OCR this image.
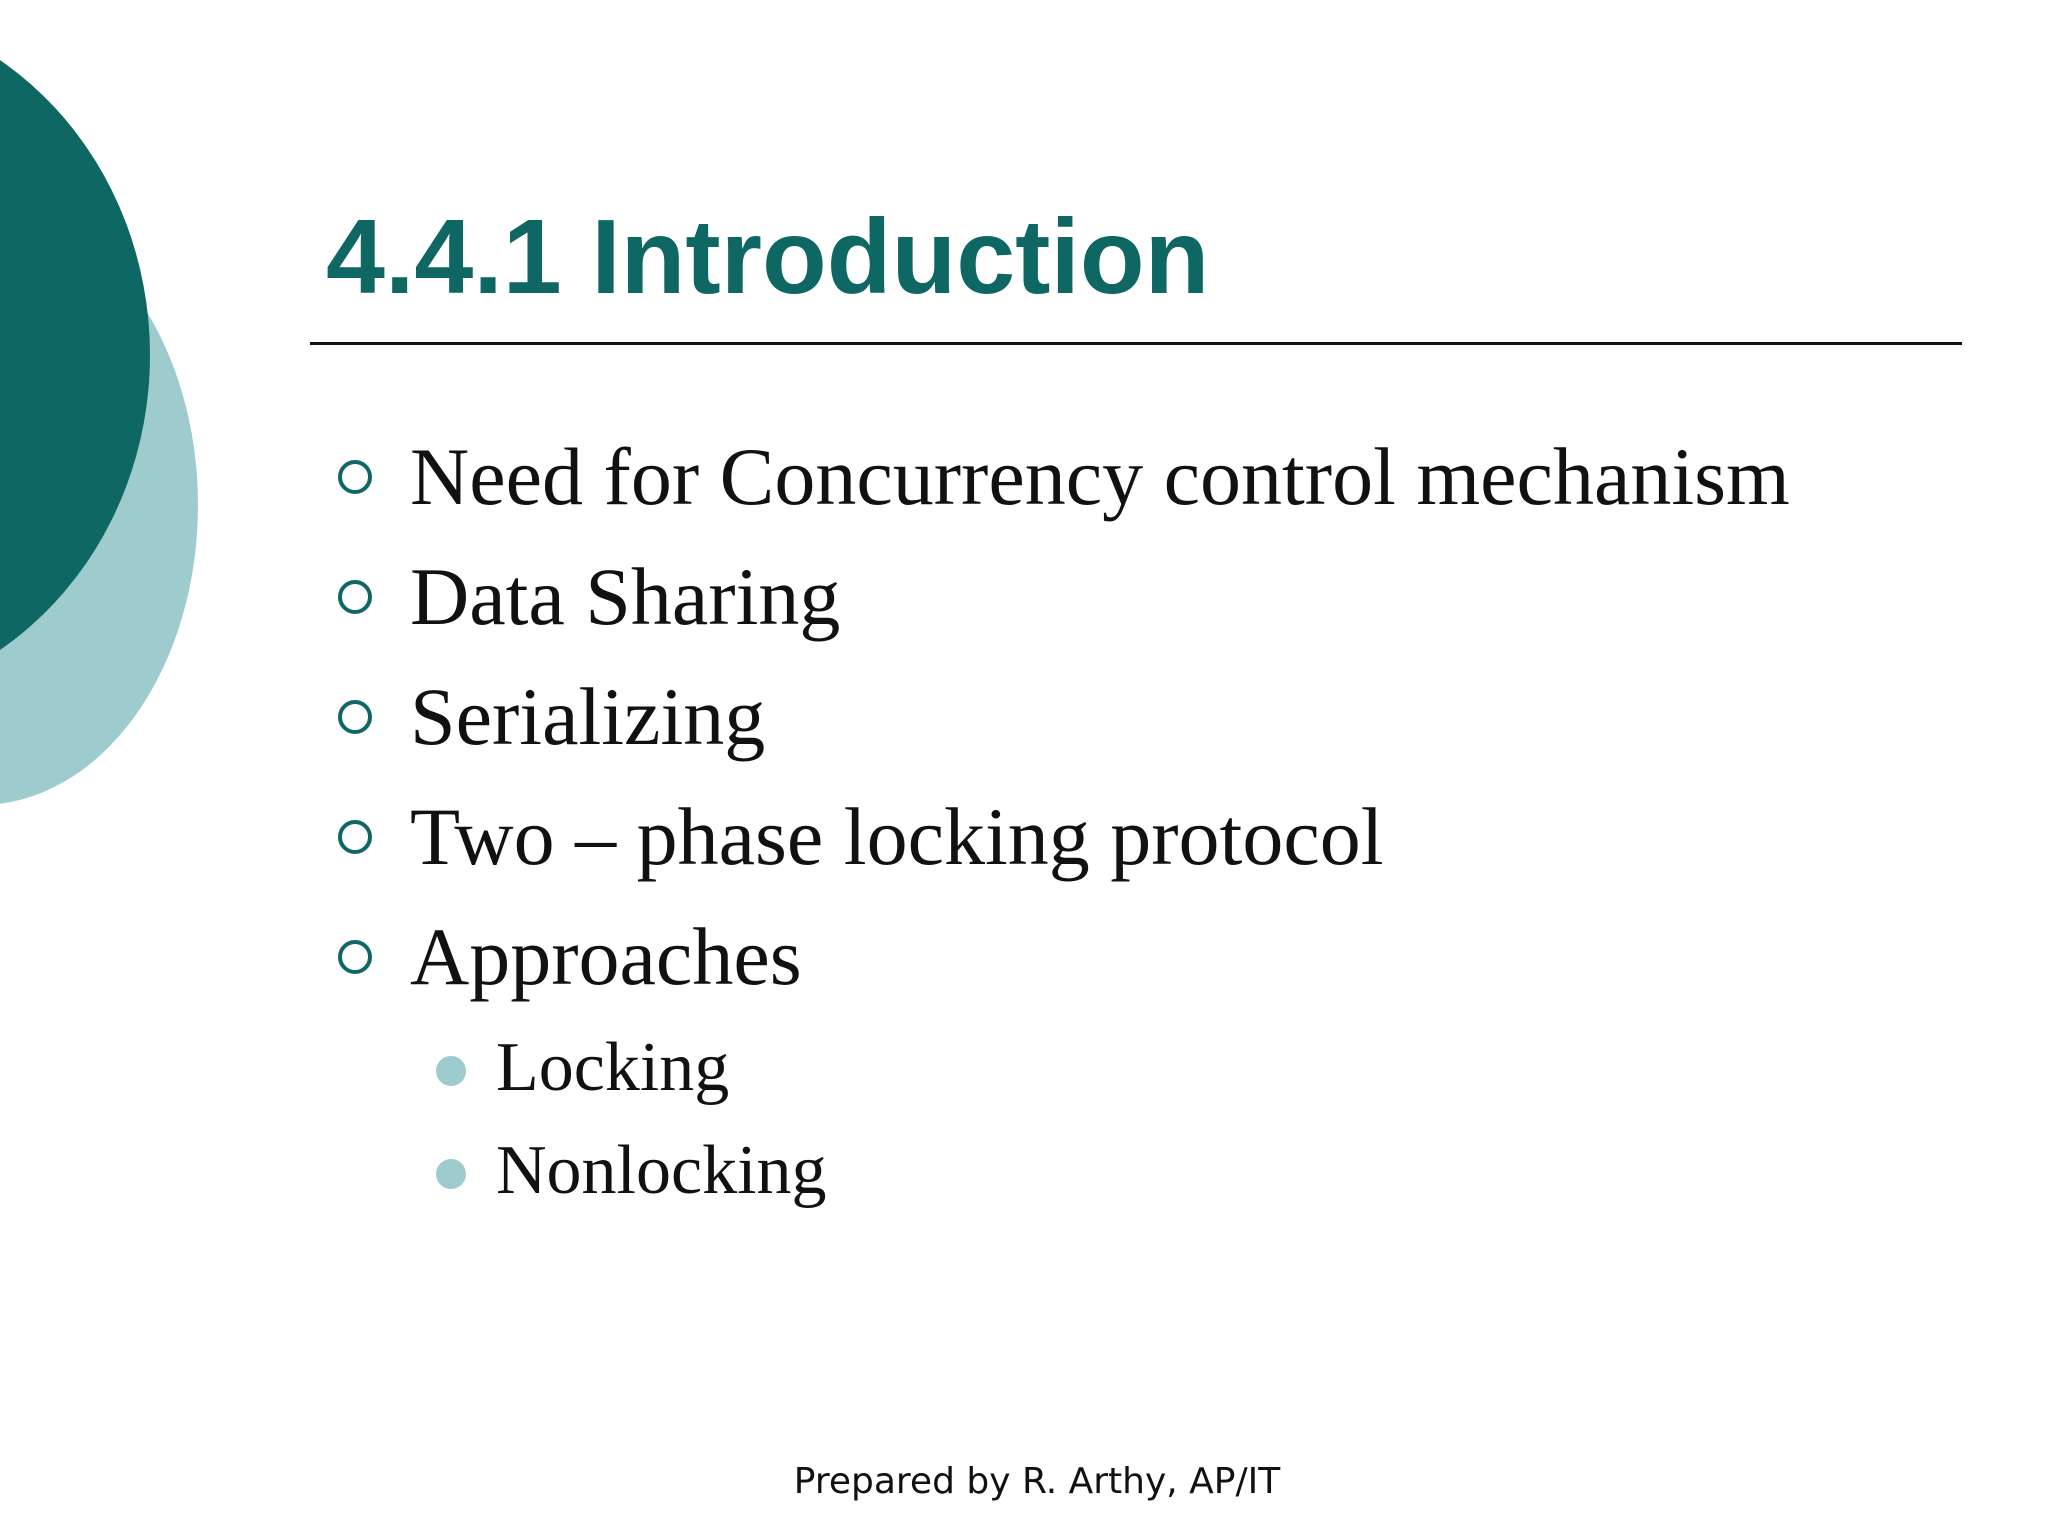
4.4.1 Introduction
Need for Concurrency control mechanism
Data Sharing
Serializing
Two – phase locking protocol
Approaches
Locking
Nonlocking
Prepared by R. Arthy, AP/IT
